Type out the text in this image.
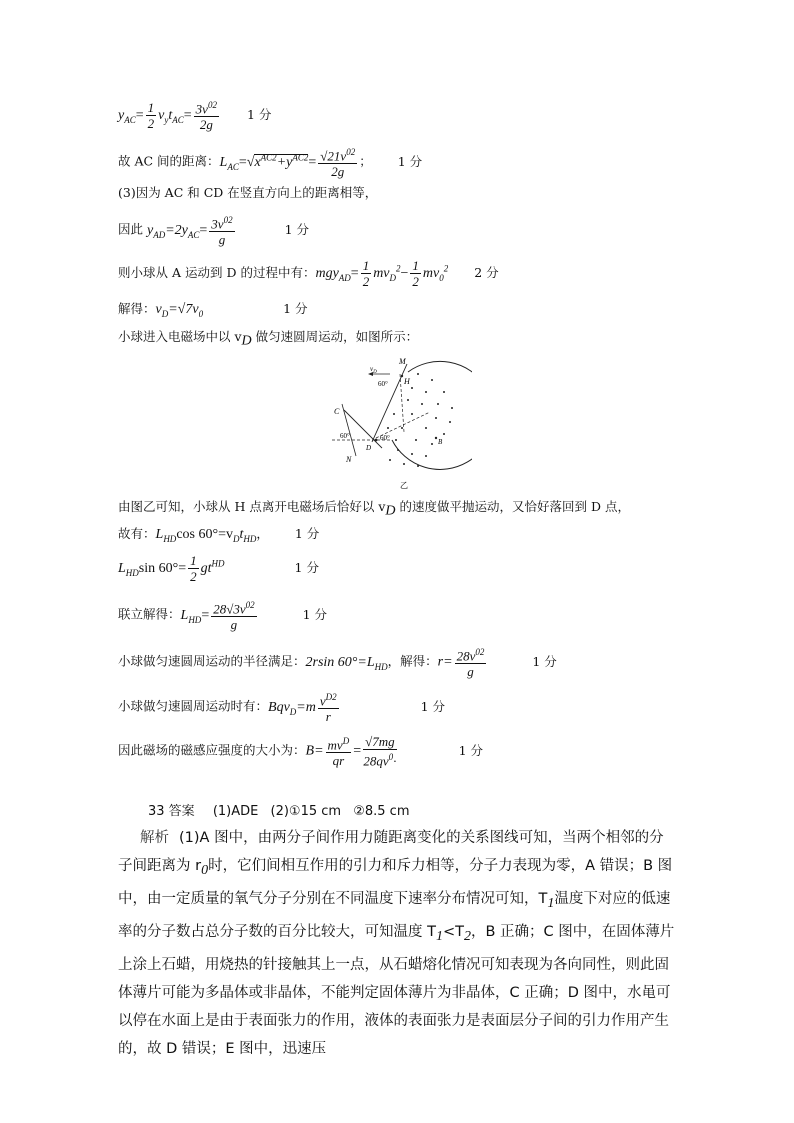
$y_{AC}= \frac{1}{2} v_yt_{AC}= \frac{3v^{02}}{2g} 1$ 分
故 AC 间的距离：$L_{AC}=√x^{AC2}+y^{AC2}= \frac{√21v^{02}}{2g}$ ； 1 分
(3)因为 AC 和 CD 在竖直方向上的距离相等，
因此 $y_{AD}=2y_{AC}= \frac{3v^{02}}{g}$	1 分
则小球从 A 运动到 D 的过程中有：$mgy_{AD}= \frac{1}{2} mv_D^2- \frac{1}{2} mv_0^2$ 2 分
解得：$v_D=√7v_0$	1 分
小球进入电磁场中以 $v_D$ 做匀速圆周运动，如图所示：
M
$v_D$
H
60°
C
60°	60°
D
N
B
乙
由图乙可知，小球从 H 点离开电磁场后恰好以 $v_D$ 的速度做平抛运动，又恰好落回到 D 点，
故有：$L_{HD}\cos$ $60^\circ=v_Dt_{HD}$， 1 分
$L_{HD}\sin$ $60^\circ= \frac{1}{2} gt^{HD}$	1 分
联立解得：$L_{HD}= \frac{28√3v^{02}}{g}$	1 分
小球做匀速圆周运动的半径满足：2rsin $60^\circ=L_{HD}$，解得：$r= \frac{28v^{02}}{g}$	1 分
小球做匀速圆周运动时有：$Bqv_D=m \frac{v^{D2}}{r}$	1 分
因此磁场的磁感应强度的大小为：$B= \frac{mv^D}{qr} = \frac{√7mg}{28qv^0\cdot}$	1 分
33 答案 (1)ADE (2)①15 cm ②8.5 cm
解析 (1)A 图中，由两分子间作用力随距离变化的关系图线可知，当两个相邻的分子间距离为 $r_0$时，它们间相互作用的引力和斥力相等，分子力表现为零，A 错误；B 图中，由一定质量的氧气分子分别在不同温度下速率分布情况可知，$T_1$温度下对应的低速率的分子数占总分子数的百分比较大，可知温度 $T_1<T_2$，B 正确；C 图中，在固体薄片上涂上石蜡，用烧热的针接触其上一点，从石蜡熔化情况可知表现为各向同性，则此固体薄片可能为多晶体或非晶体，不能判定固体薄片为非晶体，C 正确；D 图中，水黾可以停在水面上是由于表面张力的作用，液体的表面张力是表面层分子间的引力作用产生的，故 D 错误；E 图中，迅速压
